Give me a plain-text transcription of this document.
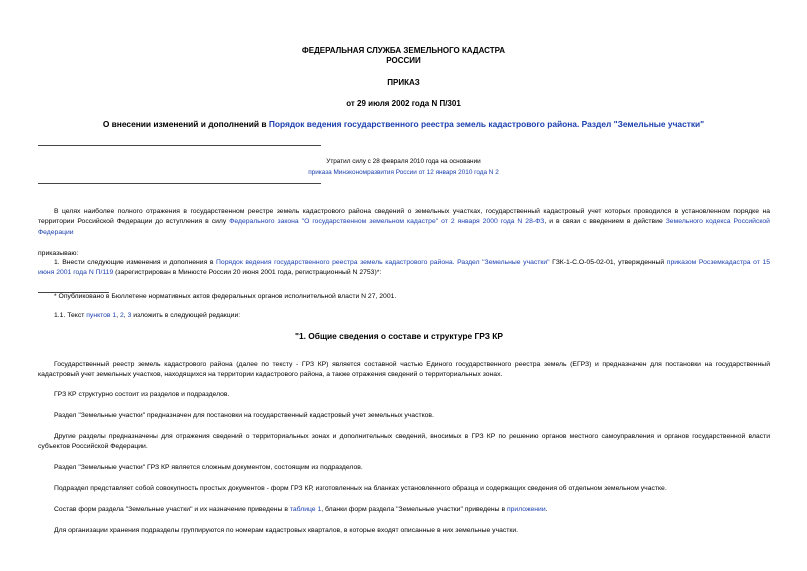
ФЕДЕРАЛЬНАЯ СЛУЖБА ЗЕМЕЛЬНОГО КАДАСТРА
РОССИИ
ПРИКАЗ
от 29 июля 2002 года N П/301
О внесении изменений и дополнений в Порядок ведения государственного реестра земель кадастрового района. Раздел "Земельные участки"
Утратил силу с 28 февраля 2010 года на основании
приказа Минэкономразвития России от 12 января 2010 года N 2
В целях наиболее полного отражения в государственном реестре земель кадастрового района сведений о земельных участках, государственный кадастровый учет которых проводился в установленном порядке на территории Российской Федерации до вступления в силу Федерального закона "О государственном земельном кадастре" от 2 января 2000 года N 28-ФЗ, и в связи с введением в действие Земельного кодекса Российской Федерации
приказываю:
1. Внести следующие изменения и дополнения в Порядок ведения государственного реестра земель кадастрового района. Раздел "Земельные участки" ГЗК-1-С.О-05-02-01, утвержденный приказом Росземкадастра от 15 июня 2001 года N П/119 (зарегистрирован в Минюсте России 20 июня 2001 года, регистрационный N 2753)*:
* Опубликовано в Бюллетене нормативных актов федеральных органов исполнительной власти N 27, 2001.
1.1. Текст пунктов 1, 2, 3 изложить в следующей редакции:
"1. Общие сведения о составе и структуре ГРЗ КР
Государственный реестр земель кадастрового района (далее по тексту - ГРЗ КР) является составной частью Единого государственного реестра земель (ЕГРЗ) и предназначен для постановки на государственный кадастровый учет земельных участков, находящихся на территории кадастрового района, а также отражения сведений о территориальных зонах.
ГРЗ КР структурно состоит из разделов и подразделов.
Раздел "Земельные участки" предназначен для постановки на государственный кадастровый учет земельных участков.
Другие разделы предназначены для отражения сведений о территориальных зонах и дополнительных сведений, вносимых в ГРЗ КР по решению органов местного самоуправления и органов государственной власти субъектов Российской Федерации.
Раздел "Земельные участки" ГРЗ КР является сложным документом, состоящим из подразделов.
Подраздел представляет собой совокупность простых документов - форм ГРЗ КР, изготовленных на бланках установленного образца и содержащих сведения об отдельном земельном участке.
Состав форм раздела "Земельные участки" и их назначение приведены в таблице 1, бланки форм раздела "Земельные участки" приведены в приложении.
Для организации хранения подразделы группируются по номерам кадастровых кварталов, в которые входят описанные в них земельные участки.
